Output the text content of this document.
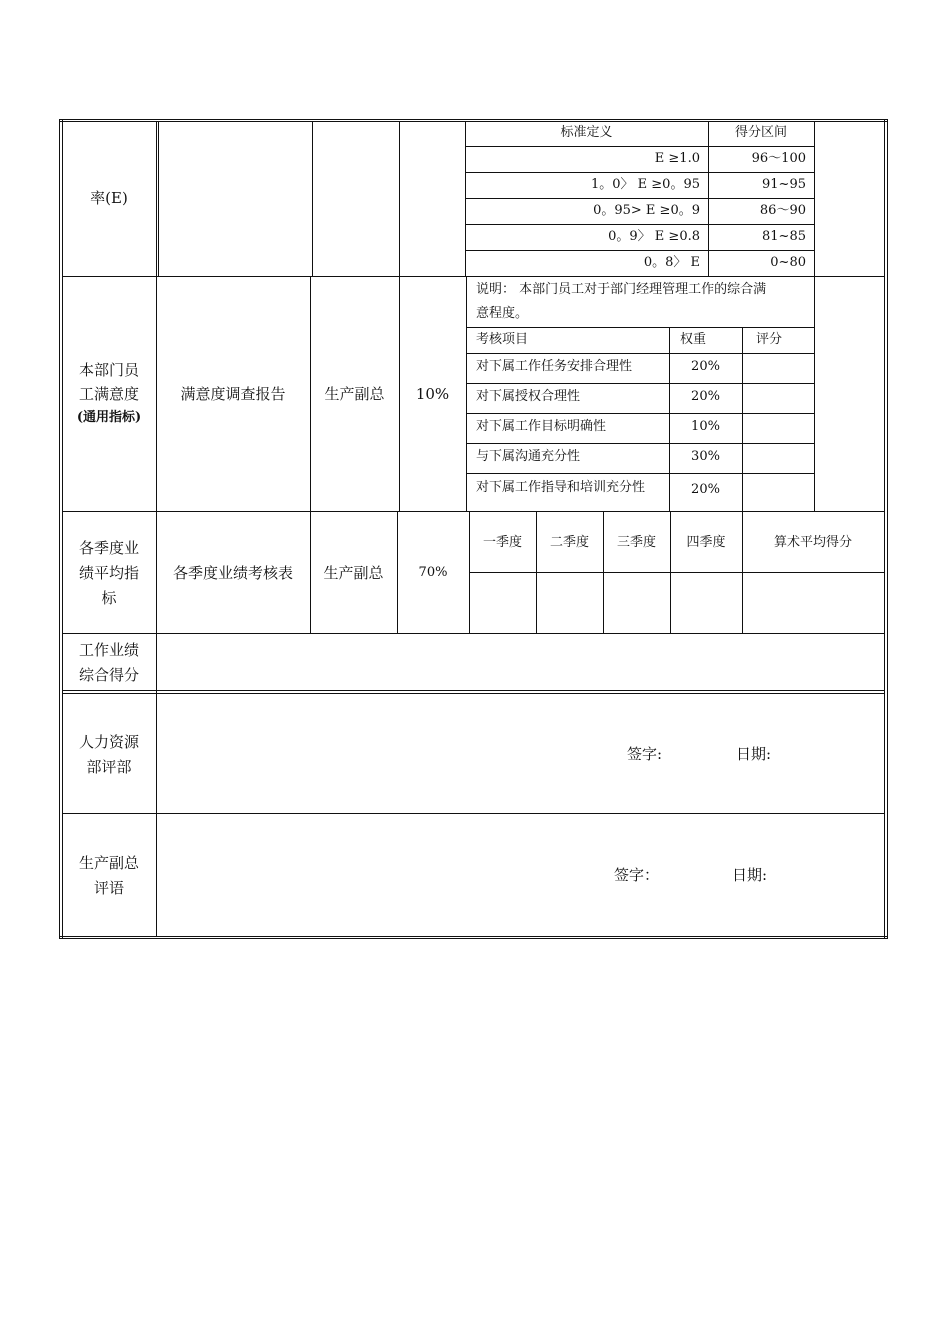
率(E)
标准定义	得分区间
E ≥1.0	96～100
1。0〉 E ≥0。95	91~95
0。95> E ≥0。9	86～90
0。9〉 E ≥0.8	81~85
0。8〉 E	0~80
本部门员
工满意度
(通用指标)
满意度调查报告	生产副总	10%
说明： 本部门员工对于部门经理管理工作的综合满
意程度。
考核项目	权重	评分
对下属工作任务安排合理性	20%
对下属授权合理性	20%
对下属工作目标明确性	10%
与下属沟通充分性	30%
对下属工作指导和培训充分性	20%
各季度业
绩平均指
标
各季度业绩考核表	生产副总	70%
一季度	二季度	三季度	四季度	算术平均得分
工作业绩
综合得分
人力资源
部评部
签字:	日期:
生产副总
评语
签字：	日期:
